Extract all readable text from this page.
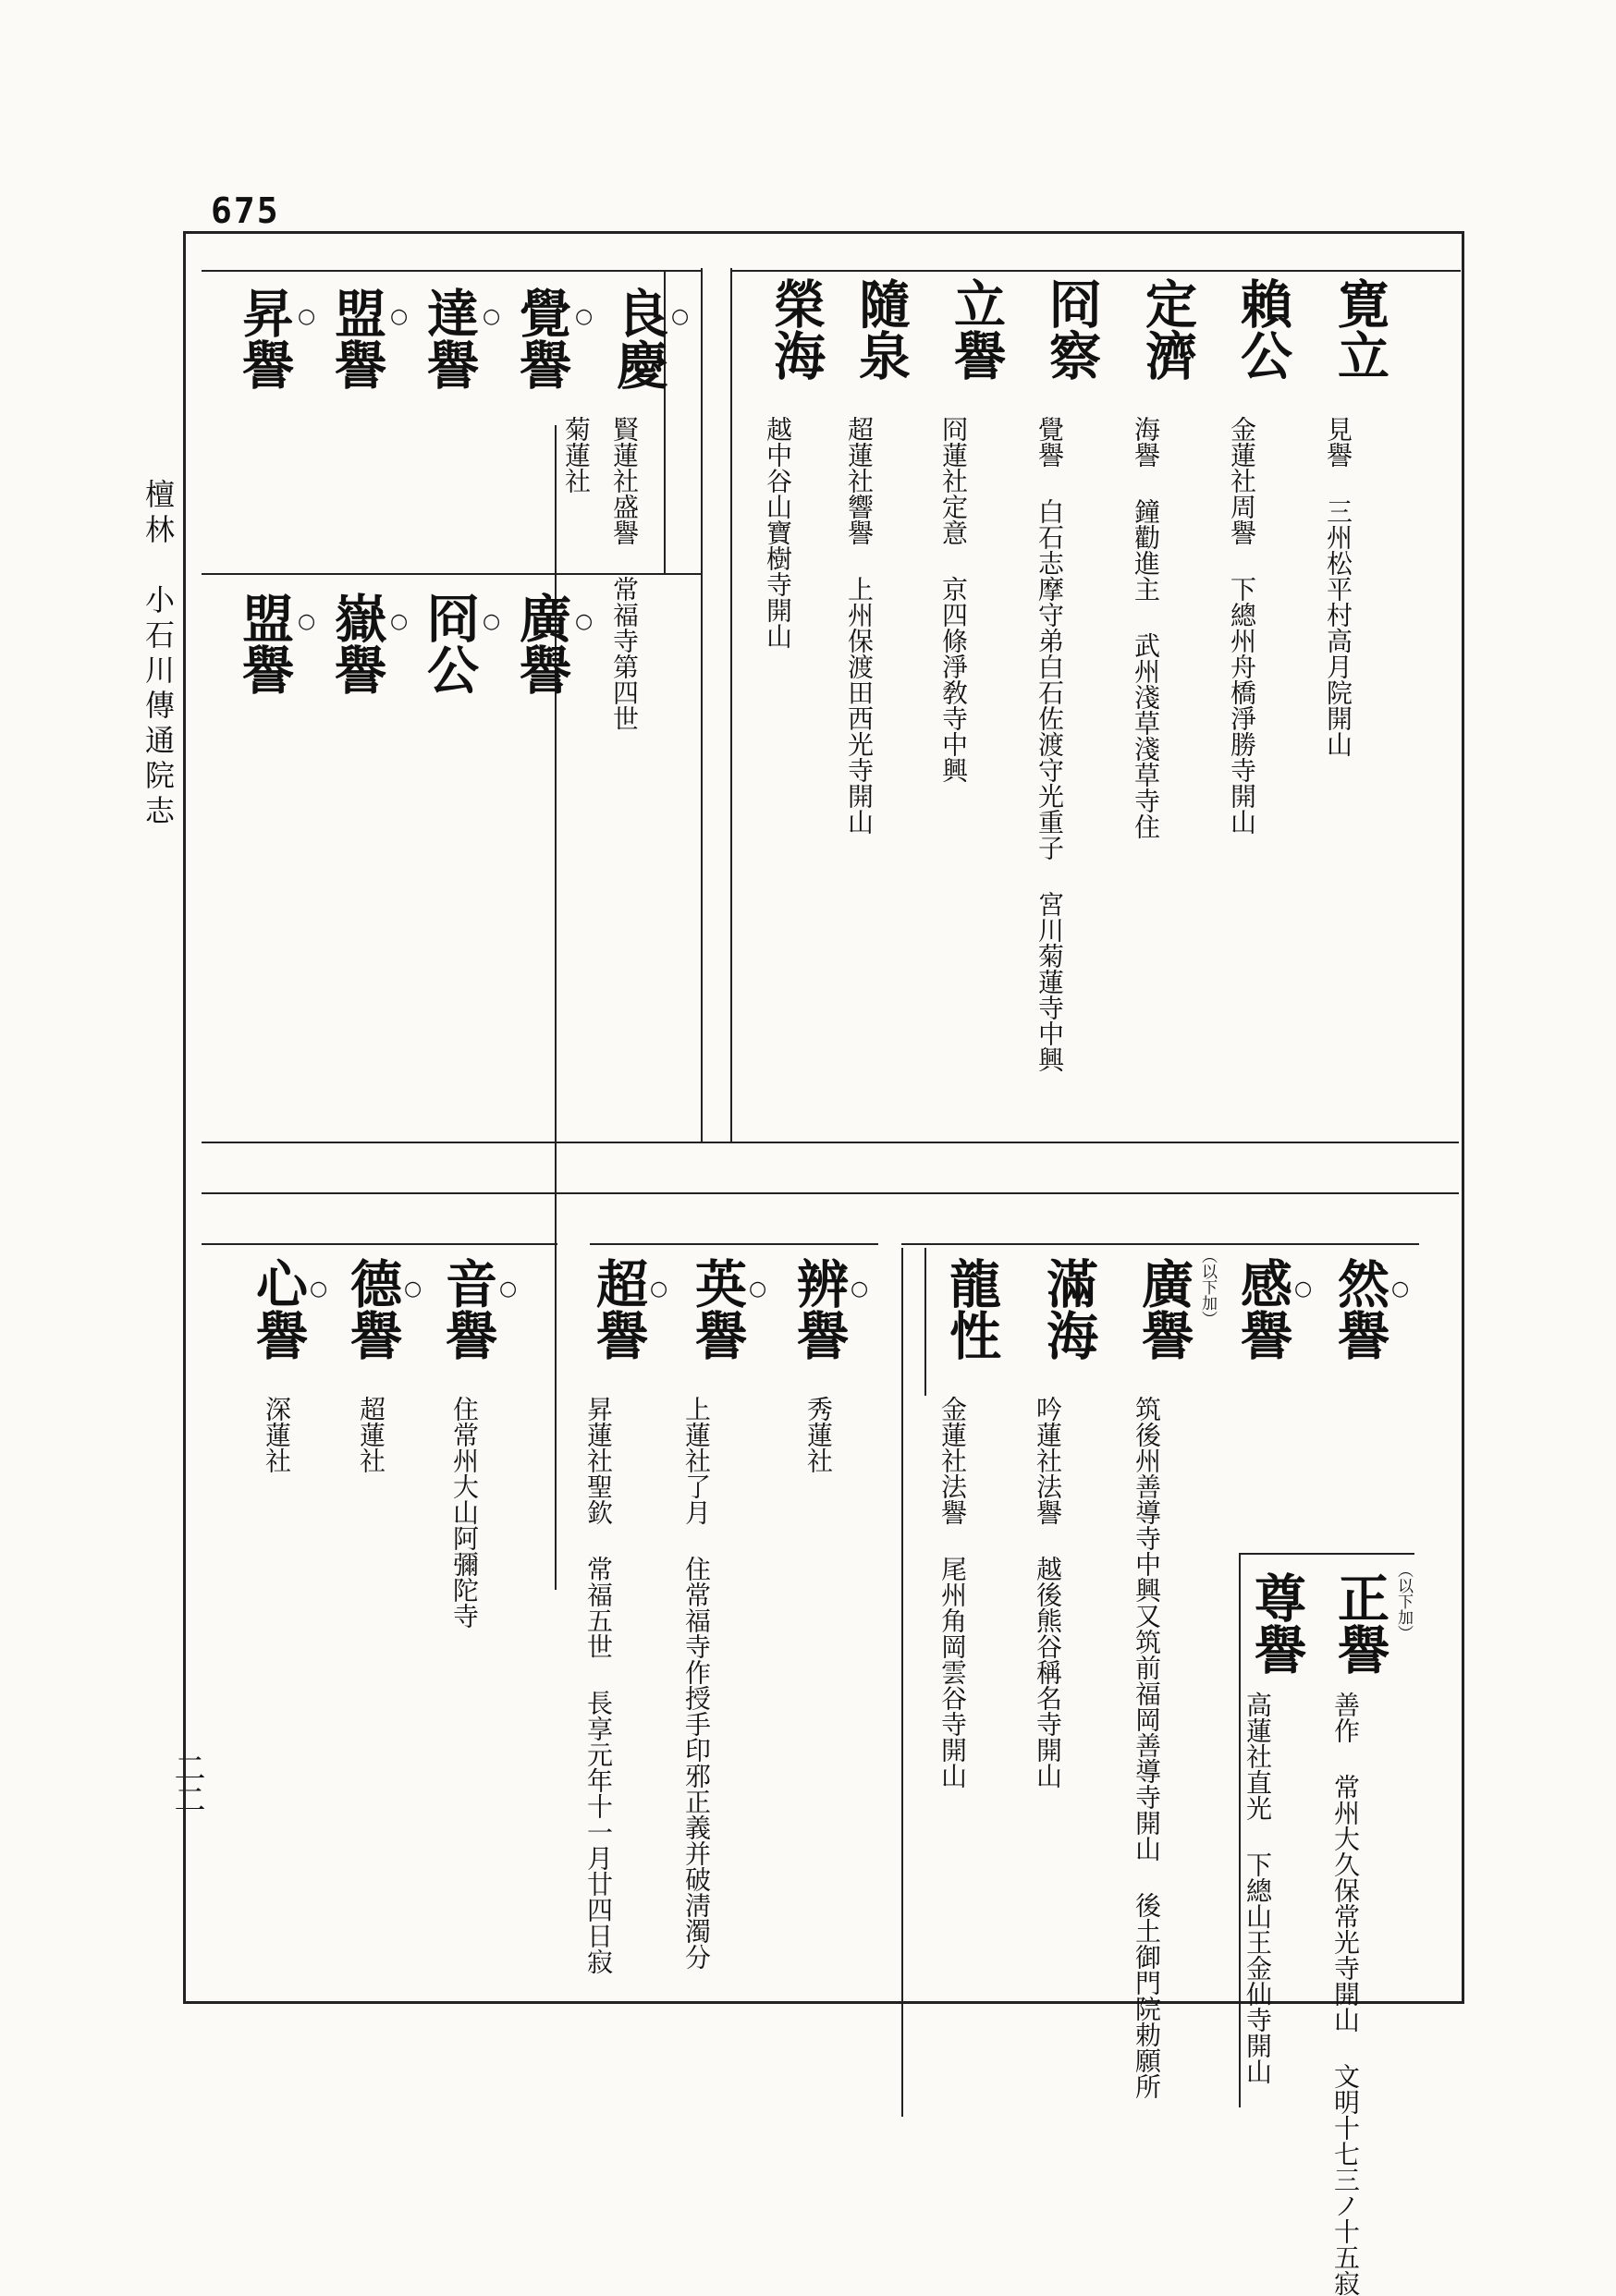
675
檀林　小石川傳通院志
二二
寛立
見譽 三州松平村高月院開山
賴公
金蓮社周譽 下總州舟橋淨勝寺開山
定濟
海譽 鐘勸進主 武州淺草淺草寺住
冏察
覺譽 白石志摩守弟白石佐渡守光重子 宮川菊蓮寺中興
立譽
冏蓮社定意 京四條淨敎寺中興
隨泉
超蓮社響譽 上州保渡田西光寺開山
榮海
越中谷山寶樹寺開山
良慶 ○
賢蓮社盛譽 常福寺第四世
覺譽 ○
菊蓮社
達譽 ○
盟譽 ○
昇譽 ○
廣譽 ○
冏公 ○
嶽譽 ○
盟譽 ○
然譽 ○
感譽 ○
（以下加）
正譽
善作 常州大久保常光寺開山 文明十七三ノ十五寂
尊譽
高蓮社直光 下總山王金仙寺開山
（以下加）
廣譽
筑後州善導寺中興又筑前福岡善導寺開山 後土御門院勅願所
滿海
吟蓮社法譽 越後熊谷稱名寺開山
龍性
金蓮社法譽 尾州角岡雲谷寺開山
辨譽 ○
秀蓮社
英譽 ○
上蓮社了月 住常福寺作授手印邪正義并破淸濁分
超譽 ○
昇蓮社聖欽 常福五世 長享元年十一月廿四日寂
音譽 ○
住常州大山阿彌陀寺
德譽 ○
超蓮社
心譽 ○
深蓮社
